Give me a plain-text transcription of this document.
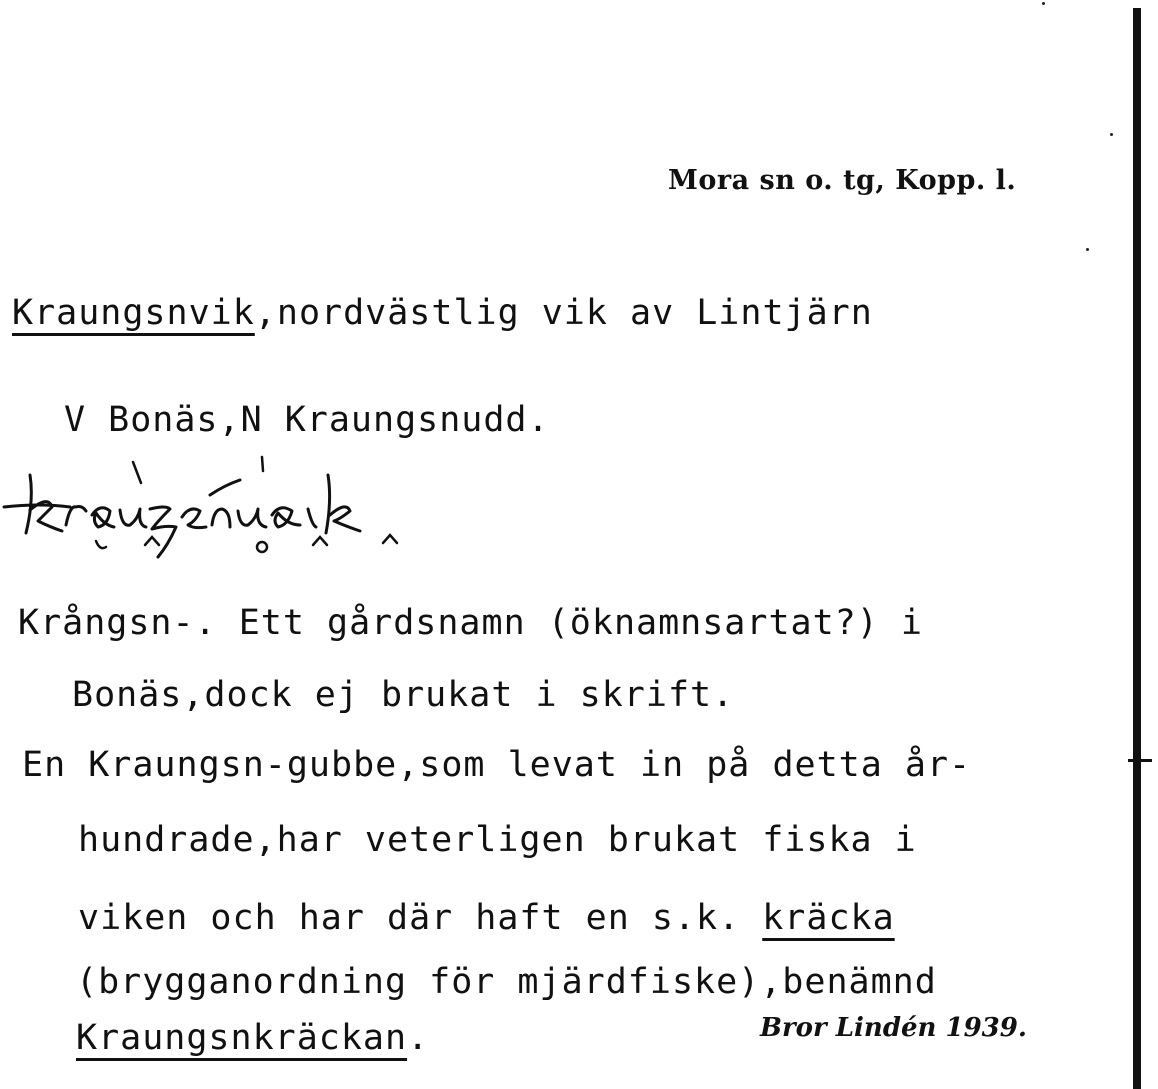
Mora sn o. tg, Kopp. l.
Kraungsnvik,nordvästlig vik av Lintjärn
V Bonäs,N Kraungsnudd.
Krångsn-. Ett gårdsnamn (öknamnsartat?) i
Bonäs,dock ej brukat i skrift.
En Kraungsn-gubbe,som levat in på detta år-
hundrade,har veterligen brukat fiska i
viken och har där haft en s.k. kräcka
(brygganordning för mjärdfiske),benämnd
Kraungsnkräckan.	Bror Lindén 1939.
